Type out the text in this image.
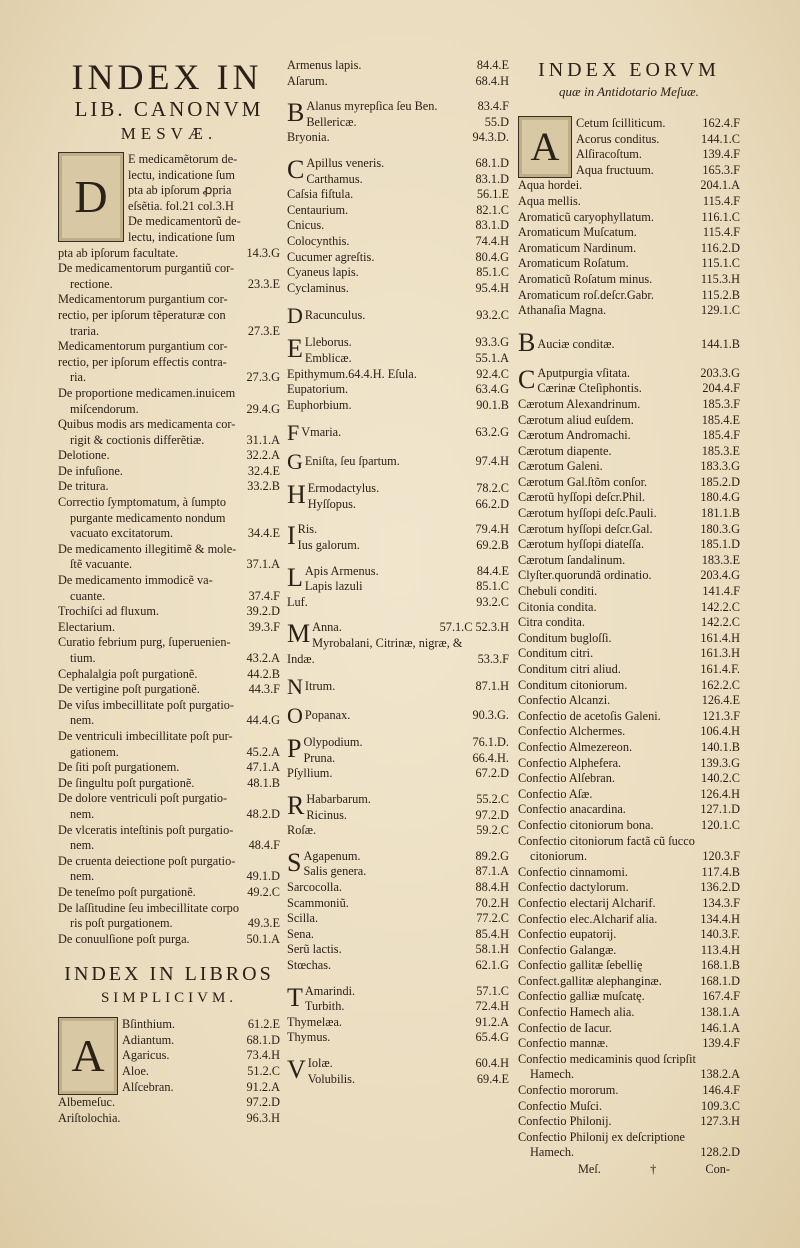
INDEX IN
LIB. CANONVM
MESVÆ.
D
E medicamẽtorum de-
lectu, indicatione ſum
pta ab ipſorum ꝓpria
eſsẽtia. fol.21 col.3.H
De medicamentorũ de-
lectu, indicatione ſum
pta ab ipſorum facultate.	14.3.G
De medicamentorum purgantiũ cor-
rectione.	23.3.E
Medicamentorum purgantium cor-
rectio, per ipſorum tẽperaturæ con
traria.	27.3.E
Medicamentorum purgantium cor-
rectio, per ipſorum effectis contra-
ria.	27.3.G
De proportione medicamen.inuicem
miſcendorum.	29.4.G
Quibus modis ars medicamenta cor-
rigit & coctionis differẽtiæ.	31.1.A
Delotione.	32.2.A
De infuſione.	32.4.E
De tritura.	33.2.B
Correctio ſymptomatum, à ſumpto
purgante medicamento nondum
vacuato excitatorum.	34.4.E
De medicamento illegitimẽ & mole-
ſtẽ vacuante.	37.1.A
De medicamento immodicẽ va-
cuante.	37.4.F
Trochiſci ad fluxum.	39.2.D
Electarium.	39.3.F
Curatio febrium purg, ſuperuenien-
tium.	43.2.A
Cephalalgia poſt purgationẽ.	44.2.B
De vertigine poſt purgationẽ.	44.3.F
De viſus imbecillitate poſt purgatio-
nem.	44.4.G
De ventriculi imbecillitate poſt pur-
gationem.	45.2.A
De ſiti poſt purgationem.	47.1.A
De ſingultu poſt purgationẽ.	48.1.B
De dolore ventriculi poſt purgatio-
nem.	48.2.D
De vlceratis inteſtinis poſt purgatio-
nem.	48.4.F
De cruenta deiectione poſt purgatio-
nem.	49.1.D
De teneſmo poſt purgationẽ.	49.2.C
De laſſitudine ſeu imbecillitate corpo
ris poſt purgationem.	49.3.E
De conuulſione poſt purga.	50.1.A
INDEX IN LIBROS
SIMPLICIVM.
A
Bſinthium.	61.2.E
Adiantum.	68.1.D
Agaricus.	73.4.H
Aloe.	51.2.C
Alſcebran.	91.2.A
Albemeſuc.	97.2.D
Ariſtolochia.	96.3.H
Armenus lapis.	84.4.E
Aſarum.	68.4.H
B Alanus myrepſica ſeu Ben.	83.4.F
Bellericæ.	55.D
Bryonia.	94.3.D.
C Apillus veneris.	68.1.D
Carthamus.	83.1.D
Caſsia fiſtula.	56.1.E
Centaurium.	82.1.C
Cnicus.	83.1.D
Colocynthis.	74.4.H
Cucumer agreſtis.	80.4.G
Cyaneus lapis.	85.1.C
Cyclaminus.	95.4.H
D Racunculus.	93.2.C
E Lleborus.	93.3.G
Emblicæ.	55.1.A
Epithymum.64.4.H. Eſula.	92.4.C
Eupatorium.	63.4.G
Euphorbium.	90.1.B
F Vmaria.	63.2.G
G Eniſta, ſeu ſpartum.	97.4.H
H Ermodactylus.	78.2.C
Hyſſopus.	66.2.D
I Ris.	79.4.H
Ius galorum.	69.2.B
L Apis Armenus.	84.4.E
Lapis lazuli	85.1.C
Luf.	93.2.C
M Anna.	57.1.C 52.3.H
Myrobalani, Citrinæ, nigræ, &
Indæ.	53.3.F
N Itrum.	87.1.H
O Popanax.	90.3.G.
P Olypodium.	76.1.D.
Pruna.	66.4.H.
Pſyllium.	67.2.D
R Habarbarum.	55.2.C
Ricinus.	97.2.D
Roſæ.	59.2.C
S Agapenum.	89.2.G
Salis genera.	87.1.A
Sarcocolla.	88.4.H
Scammoniũ.	70.2.H
Scilla.	77.2.C
Sena.	85.4.H
Serũ lactis.	58.1.H
Stœchas.	62.1.G
T Amarindi.	57.1.C
Turbith.	72.4.H
Thymelæa.	91.2.A
Thymus.	65.4.G
V Iolæ.	60.4.H
Volubilis.	69.4.E
INDEX EORVM
quæ in Antidotario Meſuæ.
A
Cetum ſcilliticum.	162.4.F
Acorus conditus.	144.1.C
Alſiracoſtum.	139.4.F
Aqua fructuum.	165.3.F
Aqua hordei.	204.1.A
Aqua mellis.	115.4.F
Aromaticũ caryophyllatum.	116.1.C
Aromaticum Muſcatum.	115.4.F
Aromaticum Nardinum.	116.2.D
Aromaticum Roſatum.	115.1.C
Aromaticũ Roſatum minus.	115.3.H
Aromaticum roſ.deſcr.Gabr.	115.2.B
Athanaſia Magna.	129.1.C
B Auciæ conditæ.	144.1.B
C Aputpurgia vſitata.	203.3.G
Cærinæ Cteſiphontis.	204.4.F
Cærotum Alexandrinum.	185.3.F
Cærotum aliud euſdem.	185.4.E
Cærotum Andromachi.	185.4.F
Cærotum diapente.	185.3.E
Cærotum Galeni.	183.3.G
Cærotum Gal.ſtõm conſor.	185.2.D
Cærotũ hyſſopi deſcr.Phil.	180.4.G
Cærotum hyſſopi deſc.Pauli.	181.1.B
Cærotum hyſſopi deſcr.Gal.	180.3.G
Cærotum hyſſopi diateſſa.	185.1.D
Cærotum ſandalinum.	183.3.E
Clyſter.quorundã ordinatio.	203.4.G
Chebuli conditi.	141.4.F
Citonia condita.	142.2.C
Citra condita.	142.2.C
Conditum bugloſſi.	161.4.H
Conditum citri.	161.3.H
Conditum citri aliud.	161.4.F.
Conditum citoniorum.	162.2.C
Confectio Alcanzi.	126.4.E
Confectio de acetoſis Galeni.	121.3.F
Confectio Alchermes.	106.4.H
Confectio Almezereon.	140.1.B
Confectio Alphefera.	139.3.G
Confectio Alſebran.	140.2.C
Confectio Aſæ.	126.4.H
Confectio anacardina.	127.1.D
Confectio citoniorum bona.	120.1.C
Confectio citoniorum factã cũ ſucco
citoniorum.	120.3.F
Confectio cinnamomi.	117.4.B
Confectio dactylorum.	136.2.D
Confectio electarij Alcharif.	134.3.F
Confectio elec.Alcharif alia.	134.4.H
Confectio eupatorij.	140.3.F.
Confectio Galangæ.	113.4.H
Confectio gallitæ ſebellię	168.1.B
Confect.gallitæ alephanginæ.	168.1.D
Confectio galliæ muſcatę.	167.4.F
Confectio Hamech alia.	138.1.A
Confectio de Iacur.	146.1.A
Confectio mannæ.	139.4.F
Confectio medicaminis quod ſcripſit
Hamech.	138.2.A
Confectio mororum.	146.4.F
Confectio Muſci.	109.3.C
Confectio Philonij.	127.3.H
Confectio Philonij ex deſcriptione
Hamech.	128.2.D
Meſ.	†	Con-
